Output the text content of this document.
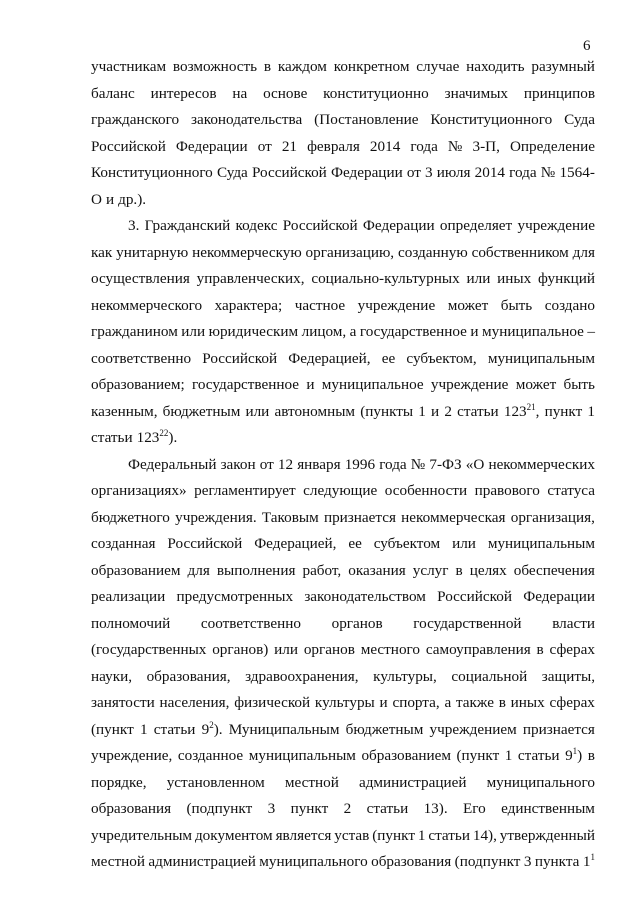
6
участникам возможность в каждом конкретном случае находить разумный
баланс интересов на основе конституционно значимых принципов
гражданского законодательства (Постановление Конституционного Суда
Российской Федерации от 21 февраля 2014 года № 3-П, Определение
Конституционного Суда Российской Федерации от 3 июля 2014 года № 1564-
О и др.).
3. Гражданский кодекс Российской Федерации определяет учреждение
как унитарную некоммерческую организацию, созданную собственником для
осуществления управленческих, социально-культурных или иных функций
некоммерческого характера; частное учреждение может быть создано
гражданином или юридическим лицом, а государственное и муниципальное –
соответственно Российской Федерацией, ее субъектом, муниципальным
образованием; государственное и муниципальное учреждение может быть
казенным, бюджетным или автономным (пункты 1 и 2 статьи $123^{21}$, пункт 1
статьи $123^{22}$).
Федеральный закон от 12 января 1996 года № 7-ФЗ «О некоммерческих
организациях» регламентирует следующие особенности правового статуса
бюджетного учреждения. Таковым признается некоммерческая организация,
созданная Российской Федерацией, ее субъектом или муниципальным
образованием для выполнения работ, оказания услуг в целях обеспечения
реализации предусмотренных законодательством Российской Федерации
полномочий соответственно органов государственной власти
(государственных органов) или органов местного самоуправления в сферах
науки, образования, здравоохранения, культуры, социальной защиты,
занятости населения, физической культуры и спорта, а также в иных сферах
(пункт 1 статьи $9^2$). Муниципальным бюджетным учреждением признается
учреждение, созданное муниципальным образованием (пункт 1 статьи $9^1$) в
порядке, установленном местной администрацией муниципального
образования (подпункт 3 пункт 2 статьи 13). Его единственным
учредительным документом является устав (пункт 1 статьи 14), утвержденный
местной администрацией муниципального образования (подпункт 3 пункта $1^1$
